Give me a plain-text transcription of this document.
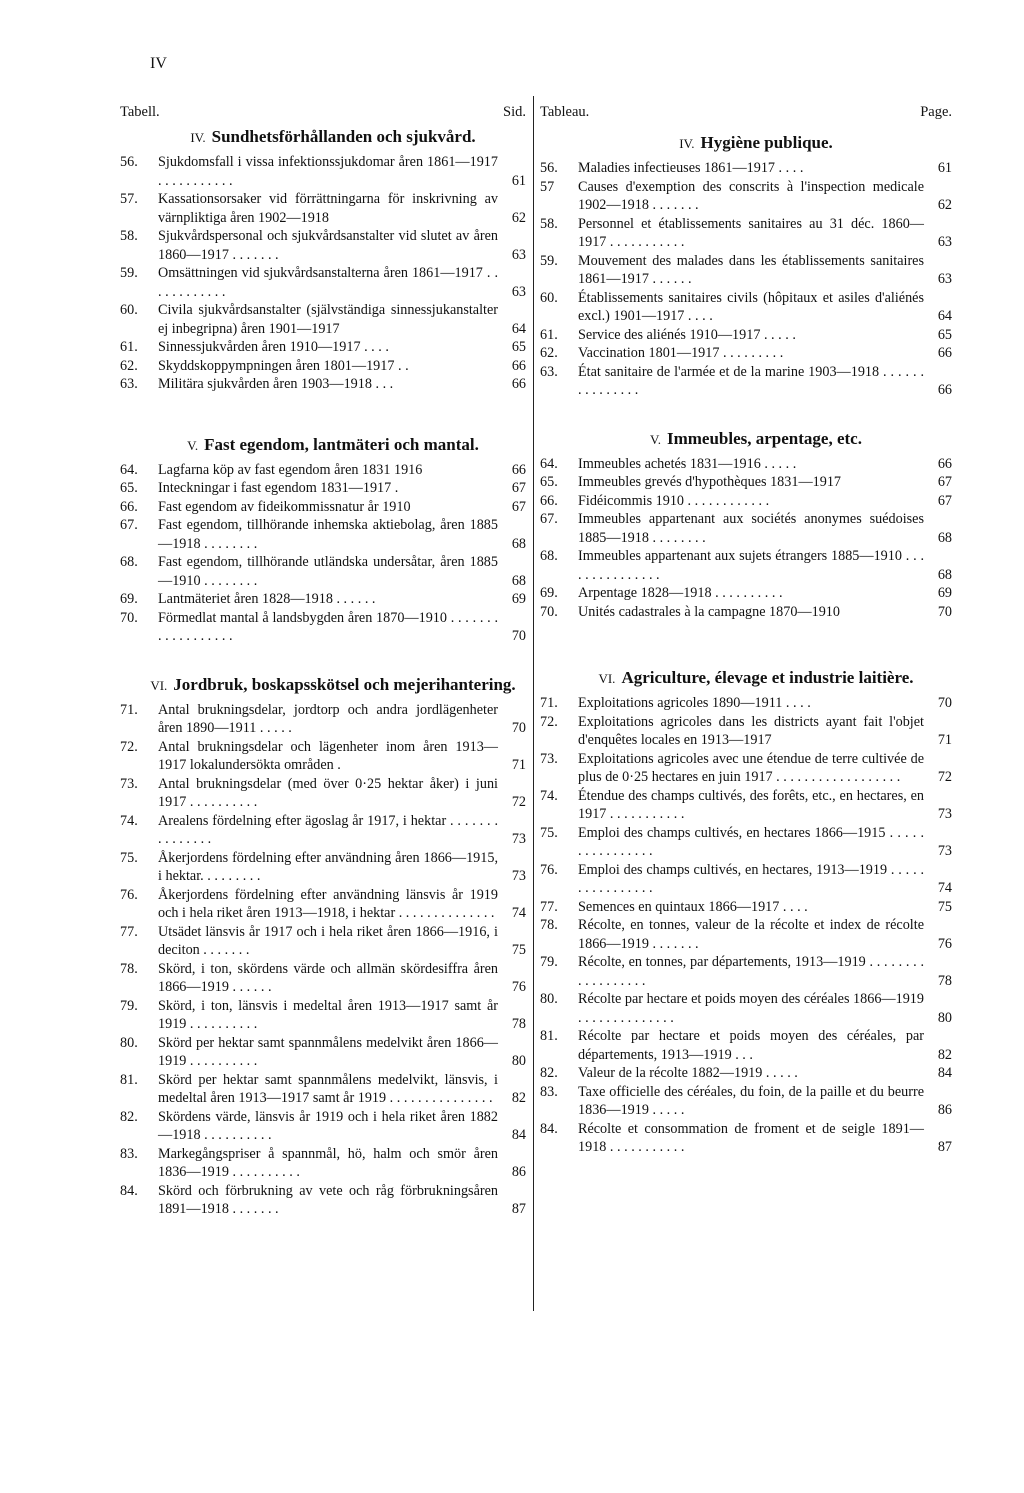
IV
Tabell.	Sid.
IV. Sundhetsförhållanden och sjukvård.
56.	Sjukdomsfall i vissa infektionssjukdomar åren 1861—1917 . . . . . . . . . . .	61
57.	Kassationsorsaker vid förrättningarna för inskrivning av värnpliktiga åren 1902—1918	62
58.	Sjukvårdspersonal och sjukvårdsanstalter vid slutet av åren 1860—1917 . . . . . . .	63
59.	Omsättningen vid sjukvårdsanstalterna åren 1861—1917 . . . . . . . . . . . .	63
60.	Civila sjukvårdsanstalter (självständiga sinnessjukanstalter ej inbegripna) åren 1901—1917	64
61.	Sinnessjukvården åren 1910—1917 . . . .	65
62.	Skyddskoppympningen åren 1801—1917 . .	66
63.	Militära sjukvården åren 1903—1918 . . .	66
V. Fast egendom, lantmäteri och mantal.
64.	Lagfarna köp av fast egendom åren 1831 1916	66
65.	Inteckningar i fast egendom 1831—1917 .	67
66.	Fast egendom av fideikommissnatur år 1910	67
67.	Fast egendom, tillhörande inhemska aktiebolag, åren 1885—1918 . . . . . . . .	68
68.	Fast egendom, tillhörande utländska undersåtar, åren 1885—1910 . . . . . . . .	68
69.	Lantmäteriet åren 1828—1918 . . . . . .	69
70.	Förmedlat mantal å landsbygden åren 1870—1910 . . . . . . . . . . . . . . . . . .	70
VI. Jordbruk, boskapsskötsel och mejerihantering.
71.	Antal brukningsdelar, jordtorp och andra jordlägenheter åren 1890—1911 . . . . .	70
72.	Antal brukningsdelar och lägenheter inom åren 1913—1917 lokalundersökta områden .	71
73.	Antal brukningsdelar (med över 0·25 hektar åker) i juni 1917 . . . . . . . . . .	72
74.	Arealens fördelning efter ägoslag år 1917, i hektar . . . . . . . . . . . . . . .	73
75.	Åkerjordens fördelning efter användning åren 1866—1915, i hektar. . . . . . . . .	73
76.	Åkerjordens fördelning efter användning länsvis år 1919 och i hela riket åren 1913—1918, i hektar . . . . . . . . . . . . . .	74
77.	Utsädet länsvis år 1917 och i hela riket åren 1866—1916, i deciton . . . . . . .	75
78.	Skörd, i ton, skördens värde och allmän skördesiffra åren 1866—1919 . . . . . .	76
79.	Skörd, i ton, länsvis i medeltal åren 1913—1917 samt år 1919 . . . . . . . . . .	78
80.	Skörd per hektar samt spannmålens medelvikt åren 1866—1919 . . . . . . . . . .	80
81.	Skörd per hektar samt spannmålens medelvikt, länsvis, i medeltal åren 1913—1917 samt år 1919 . . . . . . . . . . . . . . .	82
82.	Skördens värde, länsvis år 1919 och i hela riket åren 1882—1918 . . . . . . . . . .	84
83.	Markegångspriser å spannmål, hö, halm och smör åren 1836—1919 . . . . . . . . . .	86
84.	Skörd och förbrukning av vete och råg förbrukningsåren 1891—1918 . . . . . . .	87
Tableau.	Page.
IV. Hygiène publique.
56.	Maladies infectieuses 1861—1917 . . . .	61
57	Causes d'exemption des conscrits à l'inspection medicale 1902—1918 . . . . . . .	62
58.	Personnel et établissements sanitaires au 31 déc. 1860—1917 . . . . . . . . . . .	63
59.	Mouvement des malades dans les établissements sanitaires 1861—1917 . . . . . .	63
60.	Établissements sanitaires civils (hôpitaux et asiles d'aliénés excl.) 1901—1917 . . . .	64
61.	Service des aliénés 1910—1917 . . . . .	65
62.	Vaccination 1801—1917 . . . . . . . . .	66
63.	État sanitaire de l'armée et de la marine 1903—1918 . . . . . . . . . . . . . . .	66
V. Immeubles, arpentage, etc.
64.	Immeubles achetés 1831—1916 . . . . .	66
65.	Immeubles grevés d'hypothèques 1831—1917	67
66.	Fidéicommis 1910 . . . . . . . . . . . .	67
67.	Immeubles appartenant aux sociétés anonymes suédoises 1885—1918 . . . . . . . .	68
68.	Immeubles appartenant aux sujets étrangers 1885—1910 . . . . . . . . . . . . . . .	68
69.	Arpentage 1828—1918 . . . . . . . . . .	69
70.	Unités cadastrales à la campagne 1870—1910	70
VI. Agriculture, élevage et industrie laitière.
71.	Exploitations agricoles 1890—1911 . . . .	70
72.	Exploitations agricoles dans les districts ayant fait l'objet d'enquêtes locales en 1913—1917	71
73.	Exploitations agricoles avec une étendue de terre cultivée de plus de 0·25 hectares en juin 1917 . . . . . . . . . . . . . . . . . .	72
74.	Étendue des champs cultivés, des forêts, etc., en hectares, en 1917 . . . . . . . . . . .	73
75.	Emploi des champs cultivés, en hectares 1866—1915 . . . . . . . . . . . . . . . .	73
76.	Emploi des champs cultivés, en hectares, 1913—1919 . . . . . . . . . . . . . . . .	74
77.	Semences en quintaux 1866—1917 . . . .	75
78.	Récolte, en tonnes, valeur de la récolte et index de récolte 1866—1919 . . . . . . .	76
79.	Récolte, en tonnes, par départements, 1913—1919 . . . . . . . . . . . . . . . . . .	78
80.	Récolte par hectare et poids moyen des céréales 1866—1919 . . . . . . . . . . . . . .	80
81.	Récolte par hectare et poids moyen des céréales, par départements, 1913—1919 . . .	82
82.	Valeur de la récolte 1882—1919 . . . . .	84
83.	Taxe officielle des céréales, du foin, de la paille et du beurre 1836—1919 . . . . .	86
84.	Récolte et consommation de froment et de seigle 1891—1918 . . . . . . . . . . .	87
